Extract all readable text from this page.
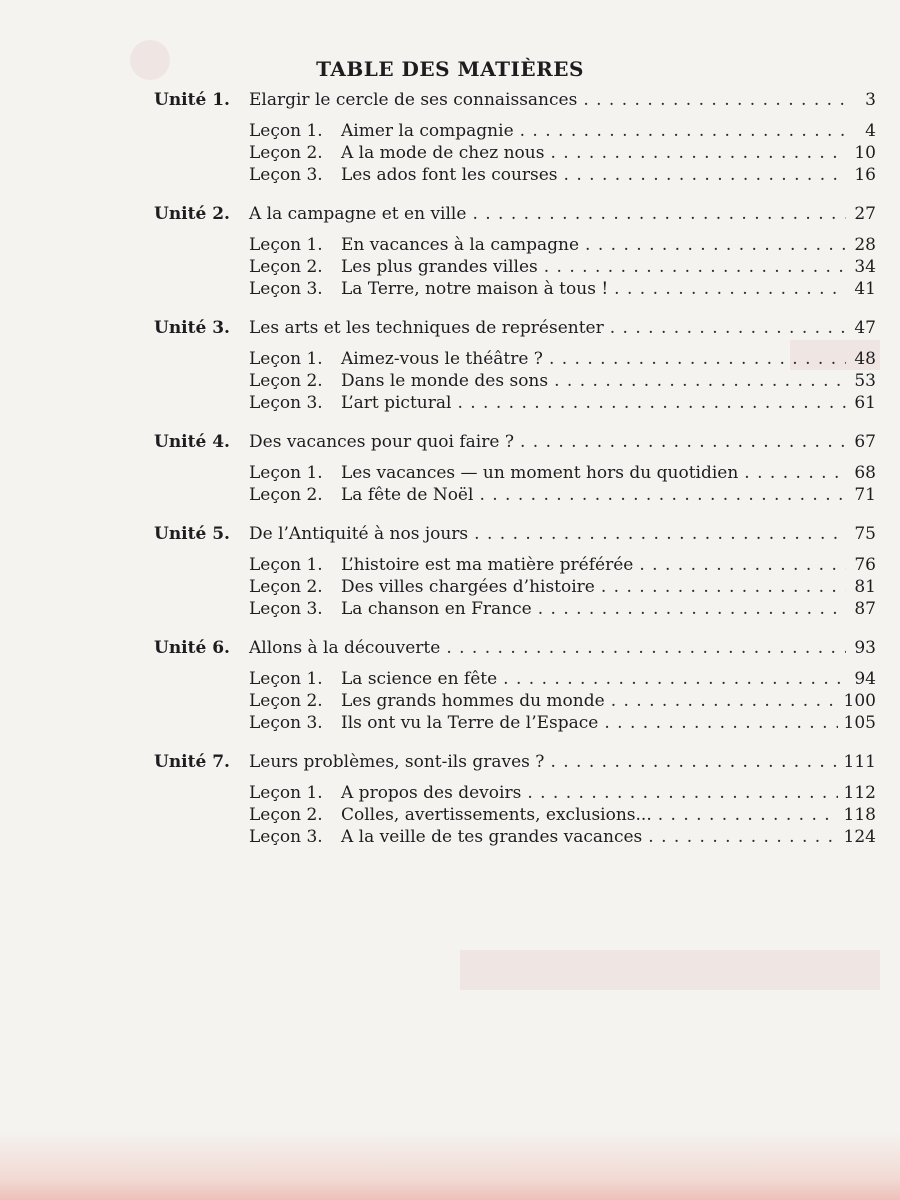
TABLE DES MATIÈRES
Unité 1.	Elargir le cercle de ses connaissances . . .	3
Leçon 1.	Aimer la compagnie . . .	4
Leçon 2.	A la mode de chez nous . . .	10
Leçon 3.	Les ados font les courses . . .	16
Unité 2.	A la campagne et en ville . . .	27
Leçon 1.	En vacances à la campagne . . .	28
Leçon 2.	Les plus grandes villes . . .	34
Leçon 3.	La Terre, notre maison à tous ! . . .	41
Unité 3.	Les arts et les techniques de représenter . . .	47
Leçon 1.	Aimez-vous le théâtre ? . . .	48
Leçon 2.	Dans le monde des sons . . .	53
Leçon 3.	L’art pictural . . .	61
Unité 4.	Des vacances pour quoi faire ? . . .	67
Leçon 1.	Les vacances — un moment hors du quotidien . . .	68
Leçon 2.	La fête de Noël . . .	71
Unité 5.	De l’Antiquité à nos jours . . .	75
Leçon 1.	L’histoire est ma matière préférée . . .	76
Leçon 2.	Des villes chargées d’histoire . . .	81
Leçon 3.	La chanson en France . . .	87
Unité 6.	Allons à la découverte . . .	93
Leçon 1.	La science en fête . . .	94
Leçon 2.	Les grands hommes du monde . . .	100
Leçon 3.	Ils ont vu la Terre de l’Espace . . .	105
Unité 7.	Leurs problèmes, sont-ils graves ? . . .	111
Leçon 1.	A propos des devoirs . . .	112
Leçon 2.	Colles, avertissements, exclusions... . . .	118
Leçon 3.	A la veille de tes grandes vacances . . .	124
